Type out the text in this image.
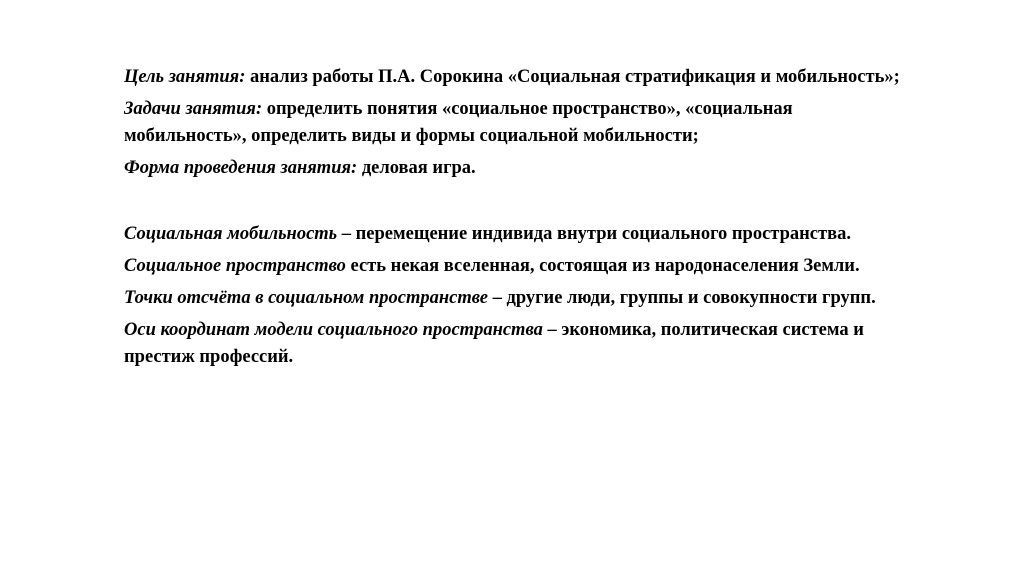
Цель занятия: анализ работы П.А. Сорокина «Социальная стратификация и мобильность»;

Задачи занятия: определить понятия «социальное пространство», «социальная мобильность», определить виды и формы социальной мобильности;

Форма проведения занятия: деловая игра.

Социальная мобильность – перемещение индивида внутри социального пространства.

Социальное пространство есть некая вселенная, состоящая из народонаселения Земли.

Точки отсчёта в социальном пространстве – другие люди, группы и совокупности групп.

Оси координат модели социального пространства – экономика, политическая система и престиж профессий.
